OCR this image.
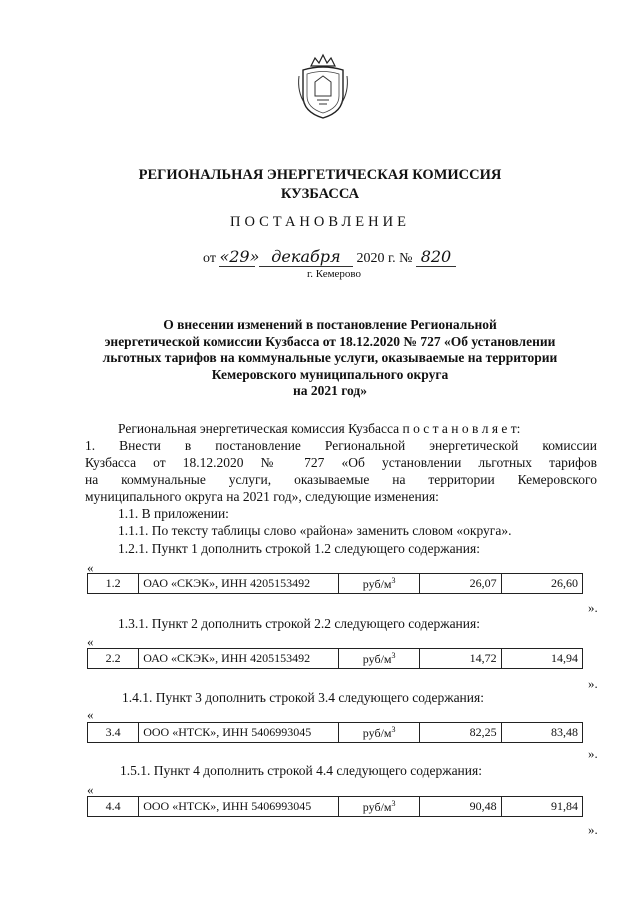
РЕГИОНАЛЬНАЯ ЭНЕРГЕТИЧЕСКАЯ КОМИССИЯ
КУЗБАССА
ПОСТАНОВЛЕНИЕ
от «29» декабря 2020 г. № 820
г. Кемерово
О внесении изменений в постановление Региональной
энергетической комиссии Кузбасса от 18.12.2020 № 727 «Об установлении
льготных тарифов на коммунальные услуги, оказываемые на территории
Кемеровского муниципального округа
на 2021 год»
Региональная энергетическая комиссия Кузбасса п о с т а н о в л я е т:
1. Внести в постановление Региональной энергетической комиссии
Кузбасса от 18.12.2020 № 727 «Об установлении льготных тарифов
на коммунальные услуги, оказываемые на территории Кемеровского
муниципального округа на 2021 год», следующие изменения:
1.1. В приложении:
1.1.1. По тексту таблицы слово «района» заменить словом «округа».
1.2.1. Пункт 1 дополнить строкой 1.2 следующего содержания:
«
1.2	ОАО «СКЭК», ИНН 4205153492	руб/$м^3$	26,07	26,60
».
1.3.1. Пункт 2 дополнить строкой 2.2 следующего содержания:
«
2.2	ОАО «СКЭК», ИНН 4205153492	руб/$м^3$	14,72	14,94
».
1.4.1. Пункт 3 дополнить строкой 3.4 следующего содержания:
«
3.4	ООО «НТСК», ИНН 5406993045	руб/$м^3$	82,25	83,48
».
1.5.1. Пункт 4 дополнить строкой 4.4 следующего содержания:
«
4.4	ООО «НТСК», ИНН 5406993045	руб/$м^3$	90,48	91,84
».
